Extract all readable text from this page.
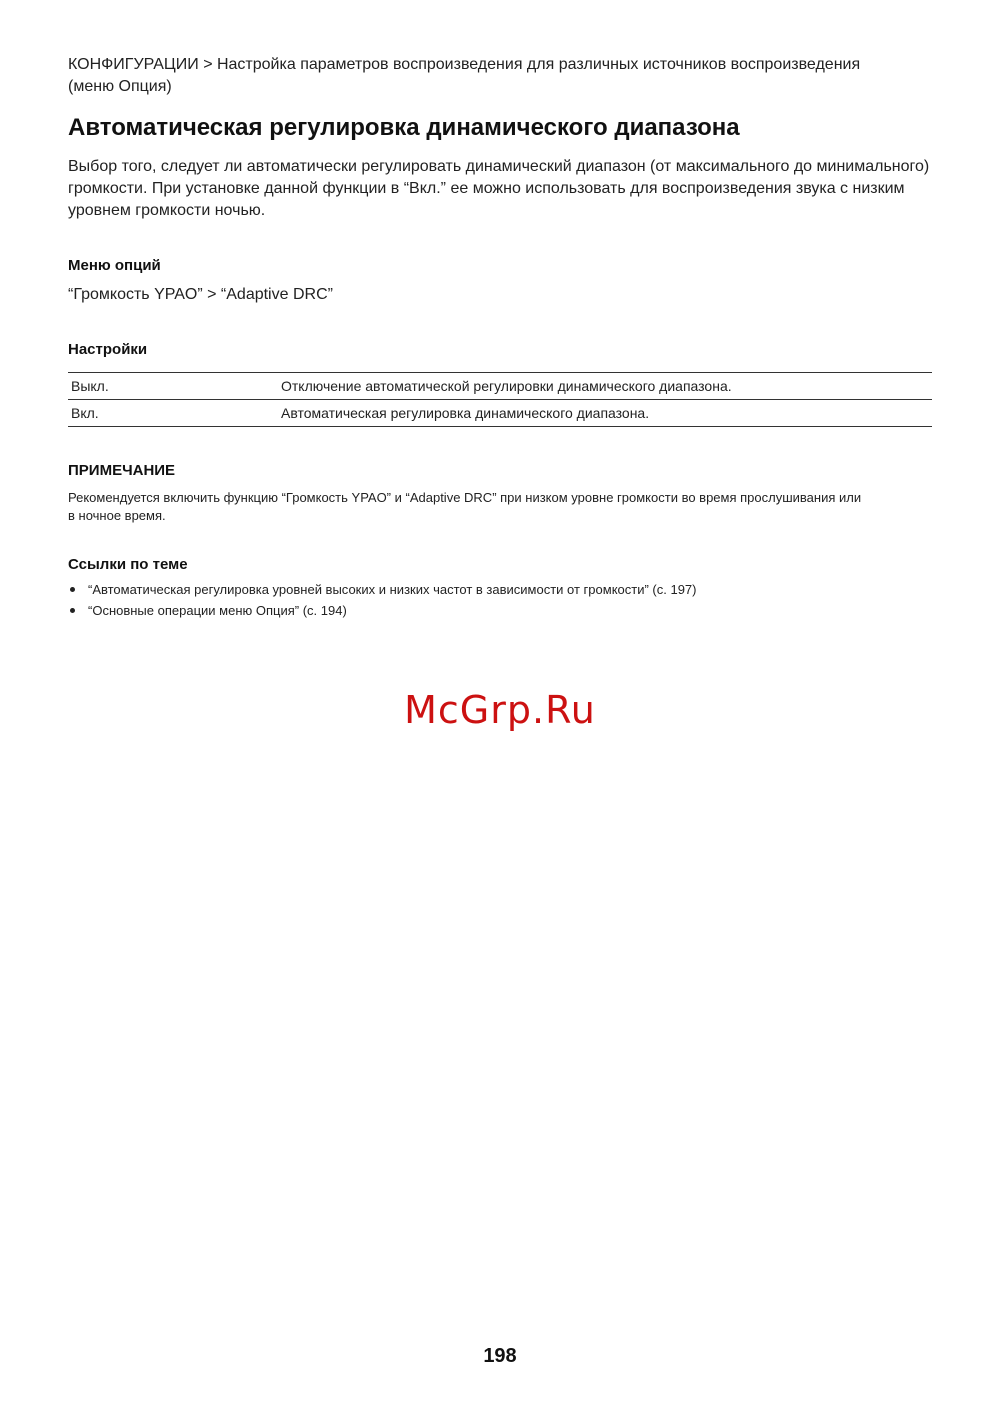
КОНФИГУРАЦИИ > Настройка параметров воспроизведения для различных источников воспроизведения (меню Опция)
Автоматическая регулировка динамического диапазона
Выбор того, следует ли автоматически регулировать динамический диапазон (от максимального до минимального) громкости. При установке данной функции в “Вкл.” ее можно использовать для воспроизведения звука с низким уровнем громкости ночью.
Меню опций
“Громкость YPAO” > “Adaptive DRC”
Настройки
Выкл.	Отключение автоматической регулировки динамического диапазона.
Вкл.	Автоматическая регулировка динамического диапазона.
ПРИМЕЧАНИЕ
Рекомендуется включить функцию “Громкость YPAO” и “Adaptive DRC” при низком уровне громкости во время прослушивания или в ночное время.
Ссылки по теме
“Автоматическая регулировка уровней высоких и низких частот в зависимости от громкости” (с. 197)
“Основные операции меню Опция” (с. 194)
McGrp.Ru
198
